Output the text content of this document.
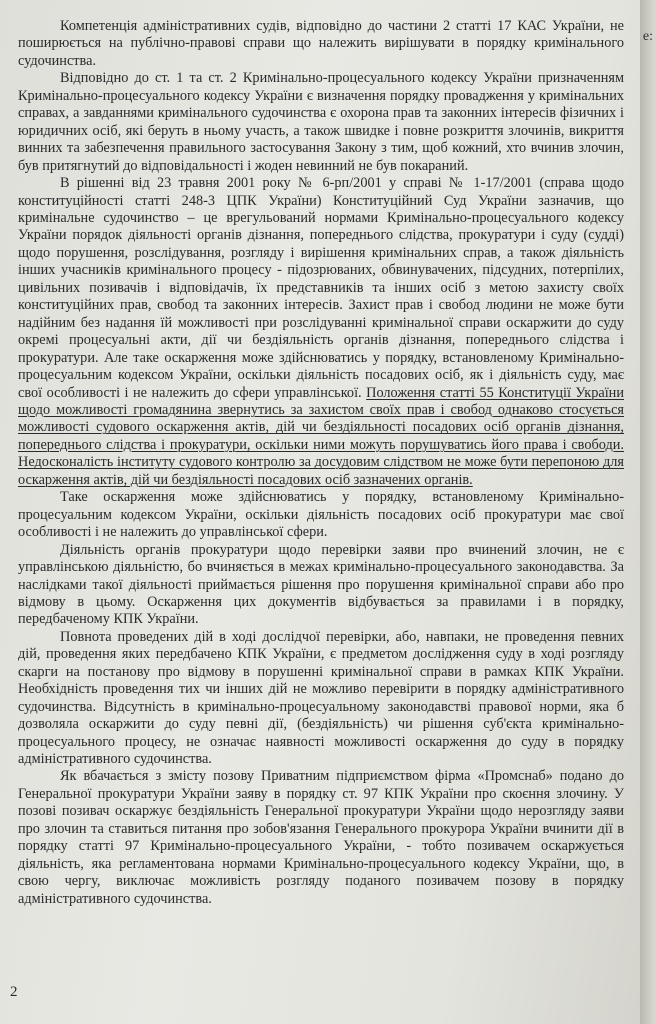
Компетенція адміністративних судів, відповідно до частини 2 статті 17 КАС України, не поширюється на публічно-правові справи що належить вирішувати в порядку кримінального судочинства.

Відповідно до ст. 1 та ст. 2 Кримінально-процесуального кодексу України призначенням Кримінально-процесуального кодексу України є визначення порядку провадження у кримінальних справах, а завданнями кримінального судочинства є охорона прав та законних інтересів фізичних і юридичних осіб, які беруть в ньому участь, а також швидке і повне розкриття злочинів, викриття винних та забезпечення правильного застосування Закону з тим, щоб кожний, хто вчинив злочин, був притягнутий до відповідальності і жоден невинний не був покараний.

В рішенні від 23 травня 2001 року № 6-рп/2001 у справі № 1-17/2001 (справа щодо конституційності статті 248-3 ЦПК України) Конституційний Суд України зазначив, що кримінальне судочинство – це врегульований нормами Кримінально-процесуального кодексу України порядок діяльності органів дізнання, попереднього слідства, прокуратури і суду (судді) щодо порушення, розслідування, розгляду і вирішення кримінальних справ, а також діяльність інших учасників кримінального процесу - підозрюваних, обвинувачених, підсудних, потерпілих, цивільних позивачів і відповідачів, їх представників та інших осіб з метою захисту своїх конституційних прав, свобод та законних інтересів. Захист прав і свобод людини не може бути надійним без надання їй можливості при розслідуванні кримінальної справи оскаржити до суду окремі процесуальні акти, дії чи бездіяльність органів дізнання, попереднього слідства і прокуратури. Але таке оскарження може здійснюватись у порядку, встановленому Кримінально-процесуальним кодексом України, оскільки діяльність посадових осіб, як і діяльність суду, має свої особливості і не належить до сфери управлінської. Положення статті 55 Конституції України щодо можливості громадянина звернутись за захистом своїх прав і свобод однаково стосується можливості судового оскарження актів, дій чи бездіяльності посадових осіб органів дізнання, попереднього слідства і прокуратури, оскільки ними можуть порушуватись його права і свободи. Недосконалість інституту судового контролю за досудовим слідством не може бути перепоною для оскарження актів, дій чи бездіяльності посадових осіб зазначених органів.

Таке оскарження може здійснюватись у порядку, встановленому Кримінально-процесуальним кодексом України, оскільки діяльність посадових осіб прокуратури має свої особливості і не належить до управлінської сфери.

Діяльність органів прокуратури щодо перевірки заяви про вчинений злочин, не є управлінською діяльністю, бо вчиняється в межах кримінально-процесуального законодавства. За наслідками такої діяльності приймається рішення про порушення кримінальної справи або про відмову в цьому. Оскарження цих документів відбувається за правилами і в порядку, передбаченому КПК України.

Повнота проведених дій в ході дослідчої перевірки, або, навпаки, не проведення певних дій, проведення яких передбачено КПК України, є предметом дослідження суду в ході розгляду скарги на постанову про відмову в порушенні кримінальної справи в рамках КПК України. Необхідність проведення тих чи інших дій не можливо перевірити в порядку адміністративного судочинства. Відсутність в кримінально-процесуальному законодавстві правової норми, яка б дозволяла оскаржити до суду певні дії, (бездіяльність) чи рішення суб'єкта кримінально-процесуального процесу, не означає наявності можливості оскарження до суду в порядку адміністративного судочинства.

Як вбачається з змісту позову Приватним підприємством фірма «Промснаб» подано до Генеральної прокуратури України заяву в порядку ст. 97 КПК України про скоєння злочину. У позові позивач оскаржує бездіяльність Генеральної прокуратури України щодо нерозгляду заяви про злочин та ставиться питання про зобов'язання Генерального прокурора України вчинити дії в порядку статті 97 Кримінально-процесуального України, - тобто позивачем оскаржується діяльність, яка регламентована нормами Кримінально-процесуального кодексу України, що, в свою чергу, виключає можливість розгляду поданого позивачем позову в порядку адміністративного судочинства.

2
е:
